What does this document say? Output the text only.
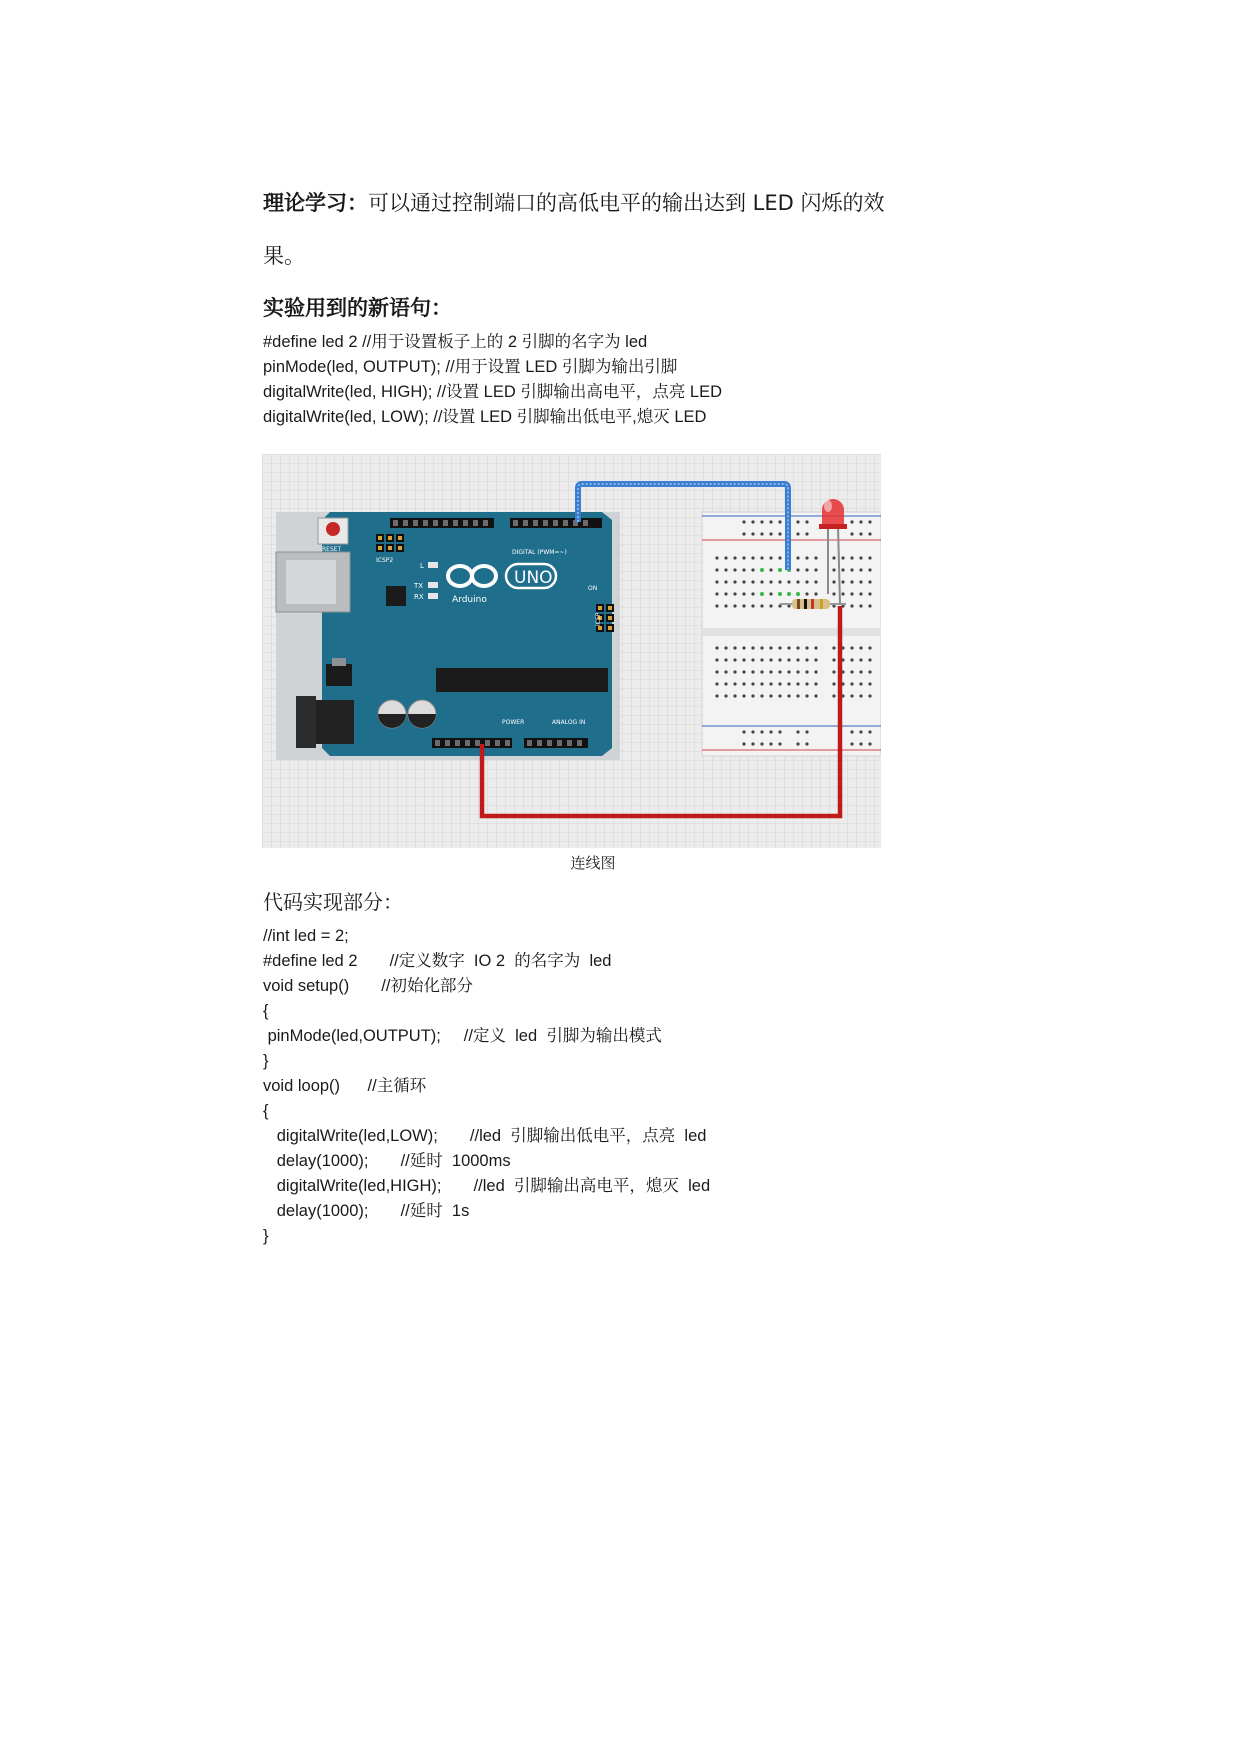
理论学习：可以通过控制端口的高低电平的输出达到 LED 闪烁的效
果。
实验用到的新语句：
#define led 2 //用于设置板子上的 2 引脚的名字为 led
pinMode(led, OUTPUT); //用于设置 LED 引脚为输出引脚
digitalWrite(led, HIGH); //设置 LED 引脚输出高电平，点亮 LED
digitalWrite(led, LOW); //设置 LED 引脚输出低电平,熄灭 LED
RESET
ICSP2
DIGITAL (PWM=~)
L
TX
RX
UNO
Arduino
ON
ICSP
POWER	ANALOG IN
连线图
代码实现部分：
//int led = 2;
#define led 2       //定义数字  IO 2  的名字为  led
void setup()       //初始化部分
{
pinMode(led,OUTPUT);     //定义  led  引脚为输出模式
}
void loop()      //主循环
{
digitalWrite(led,LOW);       //led  引脚输出低电平，点亮  led
delay(1000);       //延时  1000ms
digitalWrite(led,HIGH);       //led  引脚输出高电平，熄灭  led
delay(1000);       //延时  1s
}
